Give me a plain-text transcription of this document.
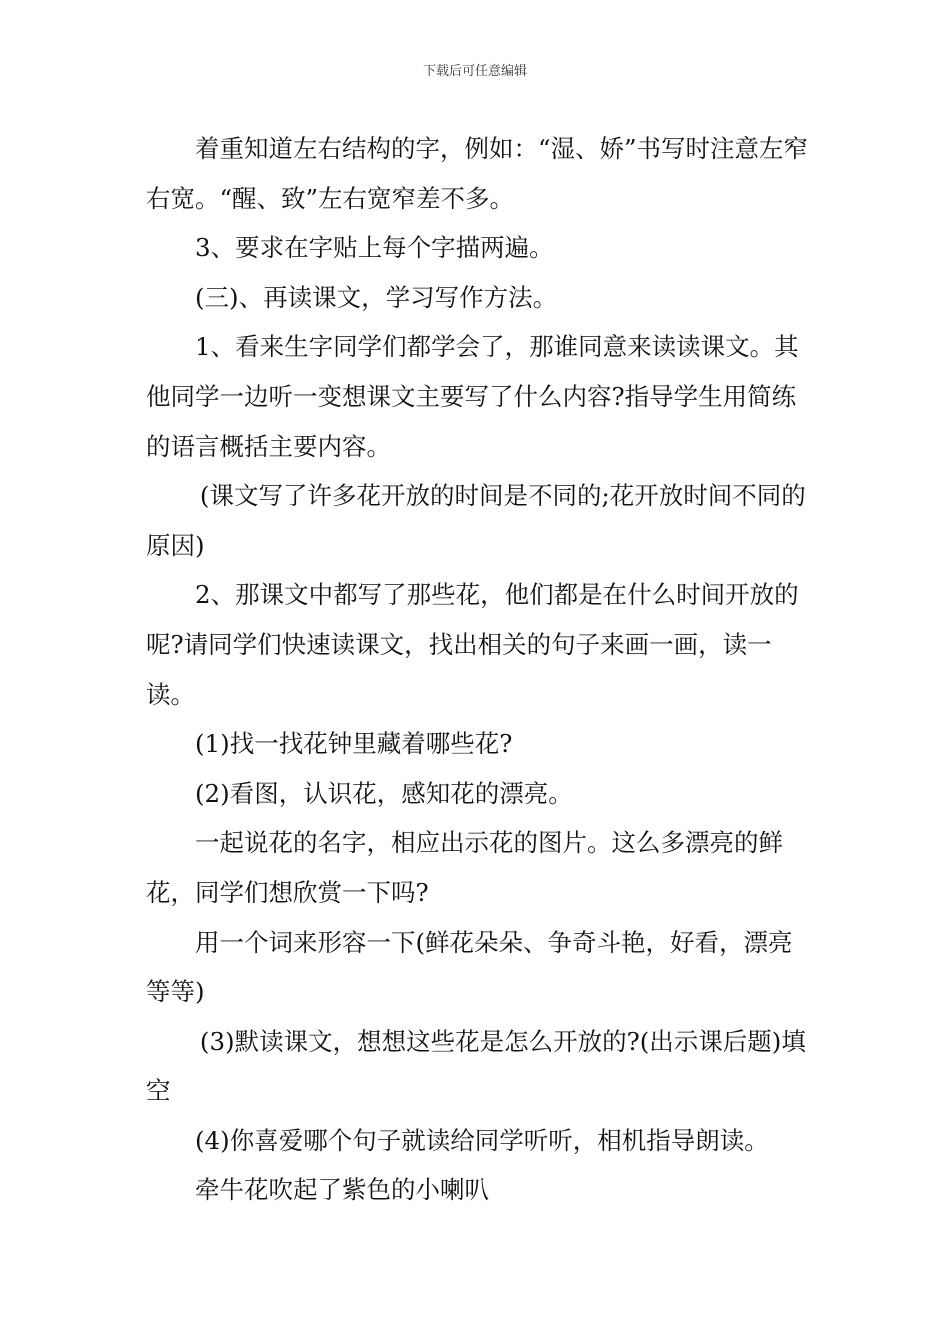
下载后可任意编辑

着重知道左右结构的字，例如：“湿、娇”书写时注意左窄右宽。“醒、致”左右宽窄差不多。

3、要求在字贴上每个字描两遍。

(三)、再读课文，学习写作方法。

1、看来生字同学们都学会了，那谁同意来读读课文。其他同学一边听一变想课文主要写了什么内容?指导学生用简练的语言概括主要内容。

(课文写了许多花开放的时间是不同的;花开放时间不同的原因)

2、那课文中都写了那些花，他们都是在什么时间开放的呢?请同学们快速读课文，找出相关的句子来画一画，读一读。

(1)找一找花钟里藏着哪些花?

(2)看图，认识花，感知花的漂亮。

一起说花的名字，相应出示花的图片。这么多漂亮的鲜花，同学们想欣赏一下吗?

用一个词来形容一下(鲜花朵朵、争奇斗艳，好看，漂亮等等)

(3)默读课文，想想这些花是怎么开放的?(出示课后题)填空

(4)你喜爱哪个句子就读给同学听听，相机指导朗读。

牵牛花吹起了紫色的小喇叭
